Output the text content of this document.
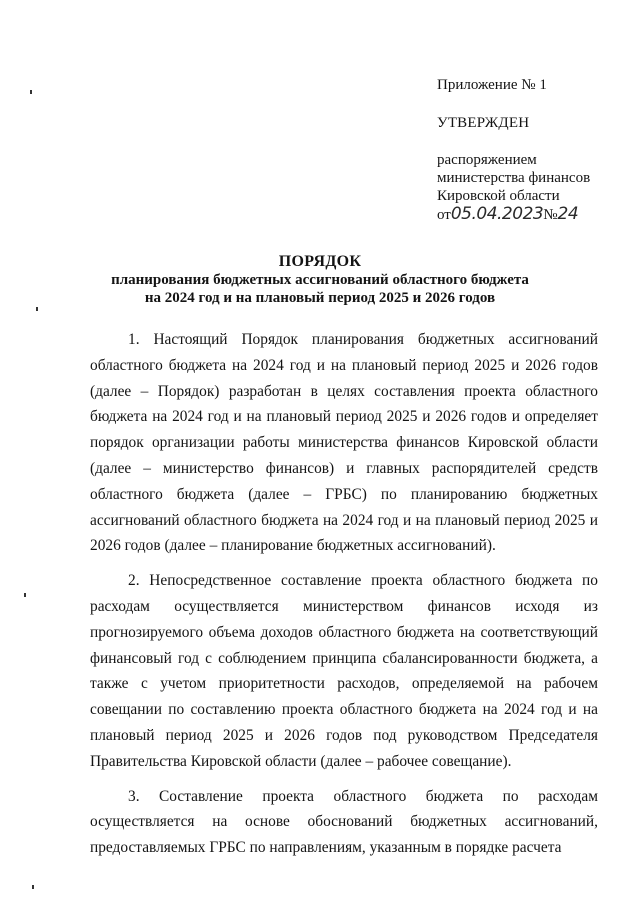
Приложение № 1
УТВЕРЖДЕН
распоряжением
министерства финансов
Кировской области
от05.04.2023№24
ПОРЯДОК
планирования бюджетных ассигнований областного бюджета
на 2024 год и на плановый период 2025 и 2026 годов

1. Настоящий Порядок планирования бюджетных ассигнований областного бюджета на 2024 год и на плановый период 2025 и 2026 годов (далее – Порядок) разработан в целях составления проекта областного бюджета на 2024 год и на плановый период 2025 и 2026 годов и определяет порядок организации работы министерства финансов Кировской области (далее – министерство финансов) и главных распорядителей средств областного бюджета (далее – ГРБС) по планированию бюджетных ассигнований областного бюджета на 2024 год и на плановый период 2025 и 2026 годов (далее – планирование бюджетных ассигнований).

2. Непосредственное составление проекта областного бюджета по расходам осуществляется министерством финансов исходя из прогнозируемого объема доходов областного бюджета на соответствующий финансовый год с соблюдением принципа сбалансированности бюджета, а также с учетом приоритетности расходов, определяемой на рабочем совещании по составлению проекта областного бюджета на 2024 год и на плановый период 2025 и 2026 годов под руководством Председателя Правительства Кировской области (далее – рабочее совещание).

3. Составление проекта областного бюджета по расходам осуществляется на основе обоснований бюджетных ассигнований, предоставляемых ГРБС по направлениям, указанным в порядке расчета
